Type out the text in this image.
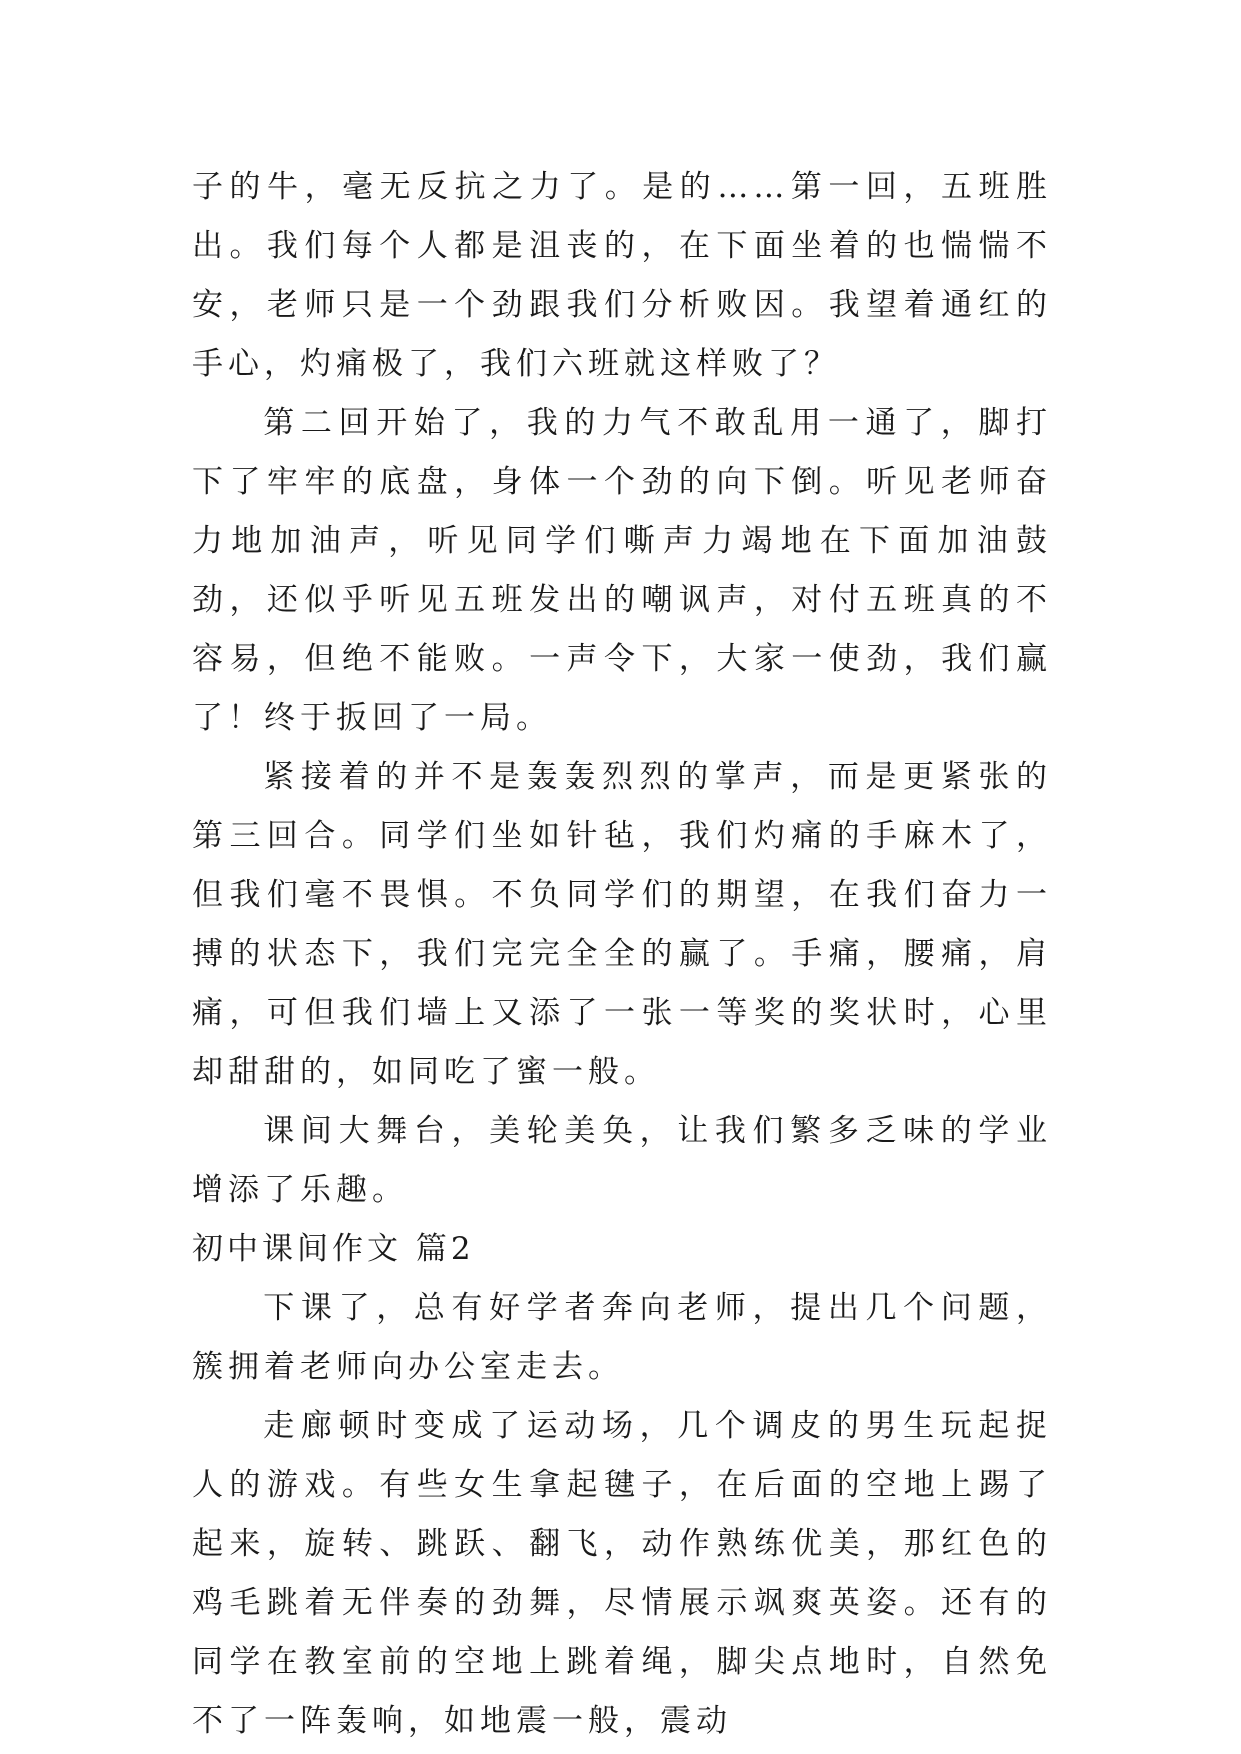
子的牛，毫无反抗之力了。是的……第一回，五班胜出。我们每个人都是沮丧的，在下面坐着的也惴惴不安，老师只是一个劲跟我们分析败因。我望着通红的手心，灼痛极了，我们六班就这样败了？

第二回开始了，我的力气不敢乱用一通了，脚打下了牢牢的底盘，身体一个劲的向下倒。听见老师奋力地加油声，听见同学们嘶声力竭地在下面加油鼓劲，还似乎听见五班发出的嘲讽声，对付五班真的不容易，但绝不能败。一声令下，大家一使劲，我们赢了！终于扳回了一局。

紧接着的并不是轰轰烈烈的掌声，而是更紧张的第三回合。同学们坐如针毡，我们灼痛的手麻木了，但我们毫不畏惧。不负同学们的期望，在我们奋力一搏的状态下，我们完完全全的赢了。手痛，腰痛，肩痛，可但我们墙上又添了一张一等奖的奖状时，心里却甜甜的，如同吃了蜜一般。

课间大舞台，美轮美奂，让我们繁多乏味的学业增添了乐趣。

初中课间作文 篇2

下课了，总有好学者奔向老师，提出几个问题，簇拥着老师向办公室走去。

走廊顿时变成了运动场，几个调皮的男生玩起捉人的游戏。有些女生拿起毽子，在后面的空地上踢了起来，旋转、跳跃、翻飞，动作熟练优美，那红色的鸡毛跳着无伴奏的劲舞，尽情展示飒爽英姿。还有的同学在教室前的空地上跳着绳，脚尖点地时，自然免不了一阵轰响，如地震一般，震动
